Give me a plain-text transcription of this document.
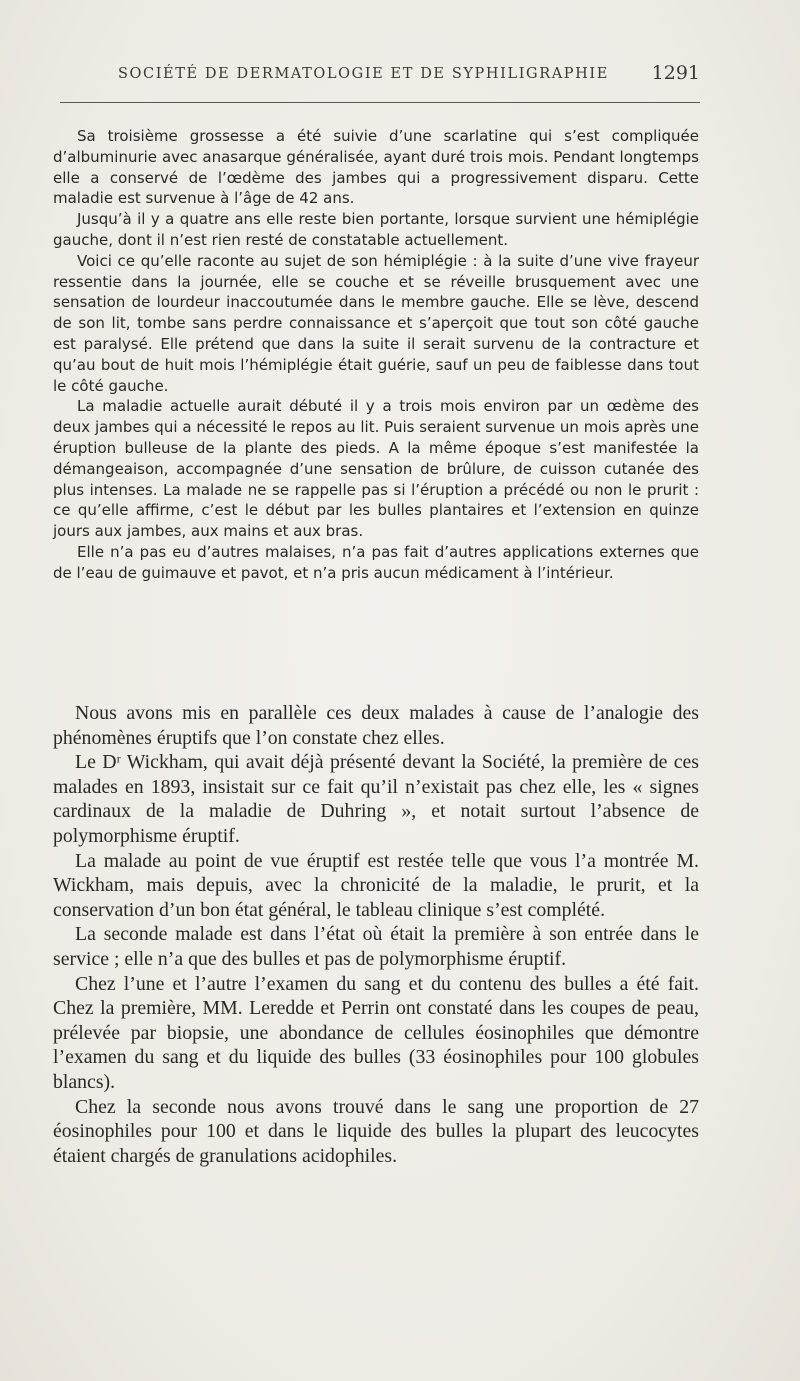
SOCIÉTÉ DE DERMATOLOGIE ET DE SYPHILIGRAPHIE 1291

Sa troisième grossesse a été suivie d’une scarlatine qui s’est compliquée d’albuminurie avec anasarque généralisée, ayant duré trois mois. Pendant longtemps elle a conservé de l’œdème des jambes qui a progressivement disparu. Cette maladie est survenue à l’âge de 42 ans.

Jusqu’à il y a quatre ans elle reste bien portante, lorsque survient une hémiplégie gauche, dont il n’est rien resté de constatable actuellement.

Voici ce qu’elle raconte au sujet de son hémiplégie : à la suite d’une vive frayeur ressentie dans la journée, elle se couche et se réveille brusquement avec une sensation de lourdeur inaccoutumée dans le membre gauche. Elle se lève, descend de son lit, tombe sans perdre connaissance et s’aperçoit que tout son côté gauche est paralysé. Elle prétend que dans la suite il serait survenu de la contracture et qu’au bout de huit mois l’hémiplégie était guérie, sauf un peu de faiblesse dans tout le côté gauche.

La maladie actuelle aurait débuté il y a trois mois environ par un œdème des deux jambes qui a nécessité le repos au lit. Puis seraient survenue un mois après une éruption bulleuse de la plante des pieds. A la même époque s’est manifestée la démangeaison, accompagnée d’une sensation de brûlure, de cuisson cutanée des plus intenses. La malade ne se rappelle pas si l’éruption a précédé ou non le prurit : ce qu’elle affirme, c’est le début par les bulles plantaires et l’extension en quinze jours aux jambes, aux mains et aux bras.

Elle n’a pas eu d’autres malaises, n’a pas fait d’autres applications externes que de l’eau de guimauve et pavot, et n’a pris aucun médicament à l’intérieur.

Nous avons mis en parallèle ces deux malades à cause de l’analogie des phénomènes éruptifs que l’on constate chez elles.

Le Dʳ Wickham, qui avait déjà présenté devant la Société, la première de ces malades en 1893, insistait sur ce fait qu’il n’existait pas chez elle, les « signes cardinaux de la maladie de Duhring », et notait surtout l’absence de polymorphisme éruptif.

La malade au point de vue éruptif est restée telle que vous l’a montrée M. Wickham, mais depuis, avec la chronicité de la maladie, le prurit, et la conservation d’un bon état général, le tableau clinique s’est complété.

La seconde malade est dans l’état où était la première à son entrée dans le service ; elle n’a que des bulles et pas de polymorphisme éruptif.

Chez l’une et l’autre l’examen du sang et du contenu des bulles a été fait. Chez la première, MM. Leredde et Perrin ont constaté dans les coupes de peau, prélevée par biopsie, une abondance de cellules éosinophiles que démontre l’examen du sang et du liquide des bulles (33 éosinophiles pour 100 globules blancs).

Chez la seconde nous avons trouvé dans le sang une proportion de 27 éosinophiles pour 100 et dans le liquide des bulles la plupart des leucocytes étaient chargés de granulations acidophiles.
